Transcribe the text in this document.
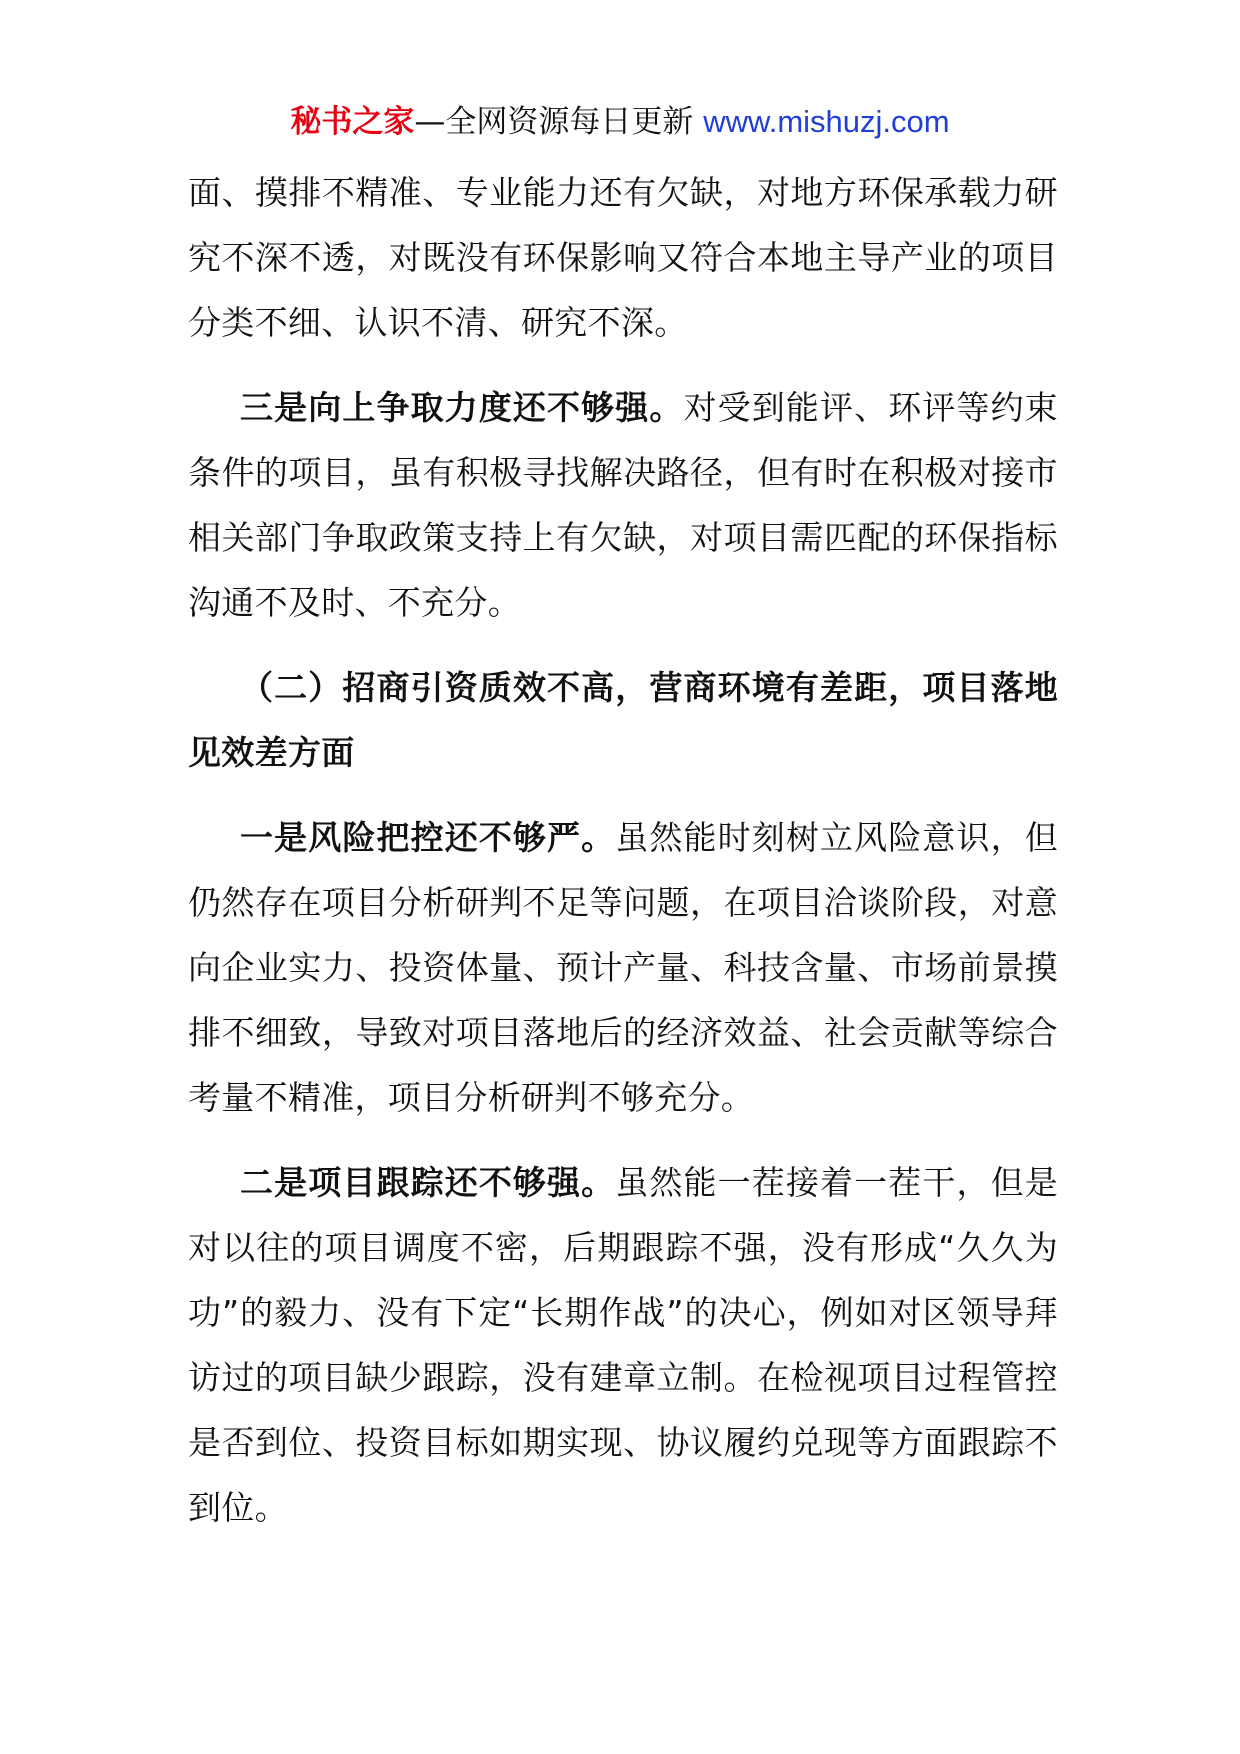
秘书之家—全网资源每日更新 www.mishuzj.com

面、摸排不精准、专业能力还有欠缺，对地方环保承载力研究不深不透，对既没有环保影响又符合本地主导产业的项目分类不细、认识不清、研究不深。

三是向上争取力度还不够强。对受到能评、环评等约束条件的项目，虽有积极寻找解决路径，但有时在积极对接市相关部门争取政策支持上有欠缺，对项目需匹配的环保指标沟通不及时、不充分。

（二）招商引资质效不高，营商环境有差距，项目落地见效差方面

一是风险把控还不够严。虽然能时刻树立风险意识，但仍然存在项目分析研判不足等问题，在项目洽谈阶段，对意向企业实力、投资体量、预计产量、科技含量、市场前景摸排不细致，导致对项目落地后的经济效益、社会贡献等综合考量不精准，项目分析研判不够充分。

二是项目跟踪还不够强。虽然能一茬接着一茬干，但是对以往的项目调度不密，后期跟踪不强，没有形成“久久为功”的毅力、没有下定“长期作战”的决心，例如对区领导拜访过的项目缺少跟踪，没有建章立制。在检视项目过程管控是否到位、投资目标如期实现、协议履约兑现等方面跟踪不到位。
